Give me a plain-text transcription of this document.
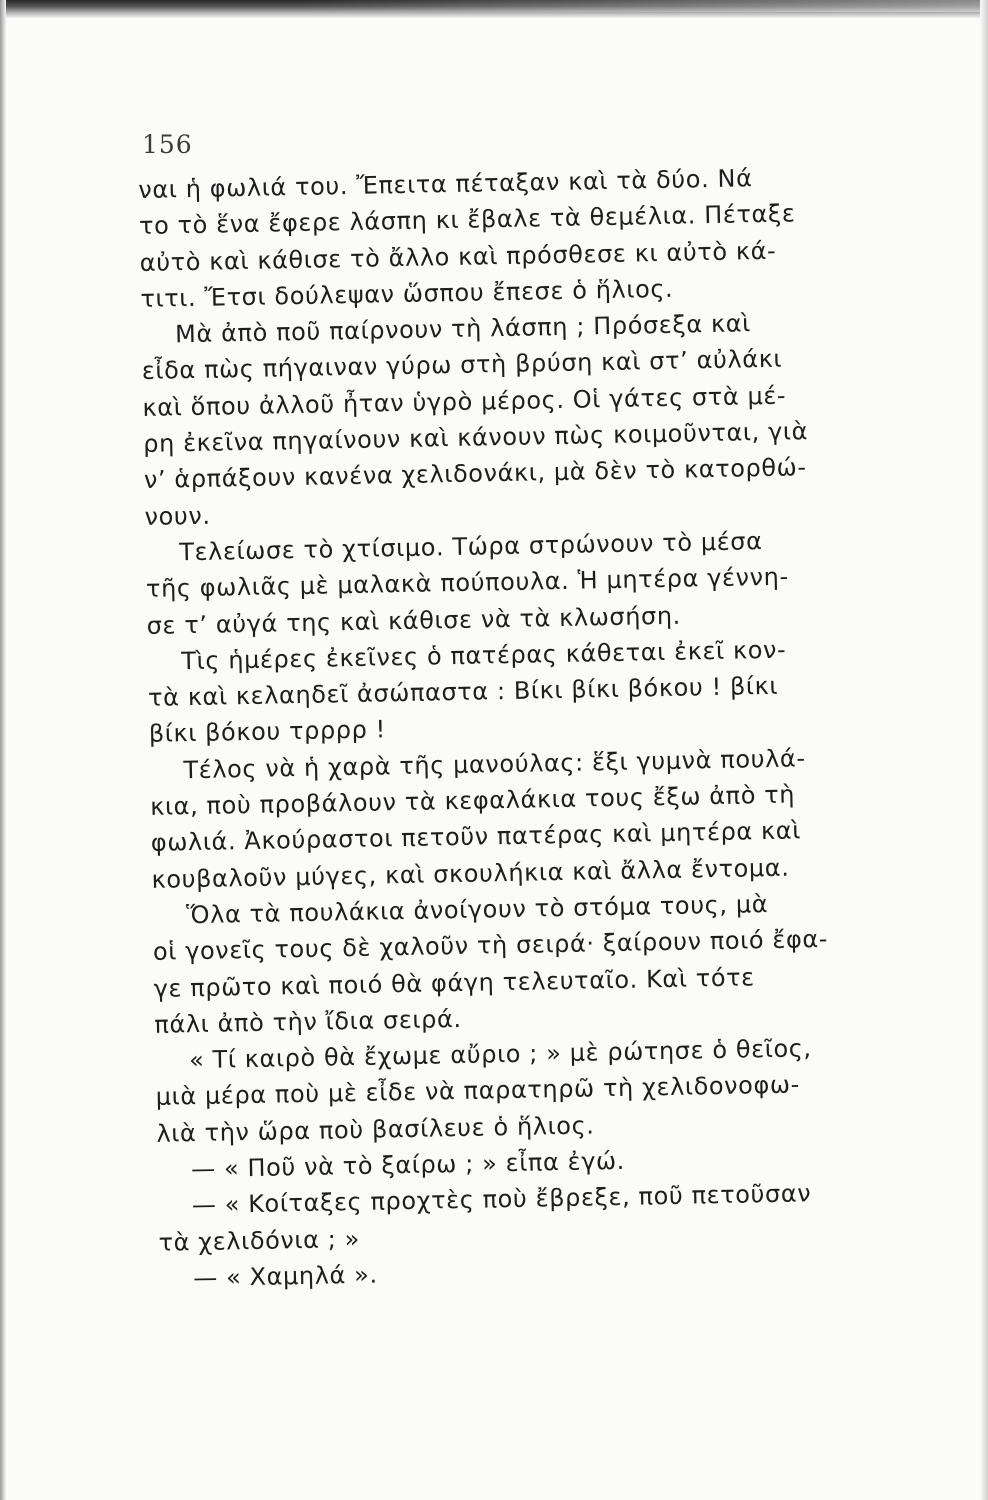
156
ναι ἡ φωλιά του. Ἔπειτα πέταξαν καὶ τὰ δύο. Νά
το τὸ ἕνα ἔφερε λάσπη κι ἔβαλε τὰ θεμέλια. Πέταξε
αὐτὸ καὶ κάθισε τὸ ἄλλο καὶ πρόσθεσε κι αὐτὸ κά-
τιτι. Ἔτσι δούλεψαν ὥσπου ἔπεσε ὁ ἥλιος.
Μὰ ἀπὸ ποῦ παίρνουν τὴ λάσπη ; Πρόσεξα καὶ
εἶδα πὼς πήγαιναν γύρω στὴ βρύση καὶ στ’ αὐλάκι
καὶ ὅπου ἀλλοῦ ἦταν ὑγρὸ μέρος. Οἱ γάτες στὰ μέ-
ρη ἐκεῖνα πηγαίνουν καὶ κάνουν πὼς κοιμοῦνται, γιὰ
ν’ ἁρπάξουν κανένα χελιδονάκι, μὰ δὲν τὸ κατορθώ-
νουν.
Τελείωσε τὸ χτίσιμο. Τώρα στρώνουν τὸ μέσα
τῆς φωλιᾶς μὲ μαλακὰ πούπουλα. Ἡ μητέρα γέννη-
σε τ’ αὐγά της καὶ κάθισε νὰ τὰ κλωσήση.
Τὶς ἡμέρες ἐκεῖνες ὁ πατέρας κάθεται ἐκεῖ κον-
τὰ καὶ κελαηδεῖ ἀσώπαστα : Βίκι βίκι βόκου ! βίκι
βίκι βόκου τρρρρ !
Τέλος νὰ ἡ χαρὰ τῆς μανούλας: ἕξι γυμνὰ πουλά-
κια, ποὺ προβάλουν τὰ κεφαλάκια τους ἔξω ἀπὸ τὴ
φωλιά. Ἀκούραστοι πετοῦν πατέρας καὶ μητέρα καὶ
κουβαλοῦν μύγες, καὶ σκουλήκια καὶ ἄλλα ἔντομα.
Ὅλα τὰ πουλάκια ἀνοίγουν τὸ στόμα τους, μὰ
οἱ γονεῖς τους δὲ χαλοῦν τὴ σειρά· ξαίρουν ποιό ἔφα-
γε πρῶτο καὶ ποιό θὰ φάγη τελευταῖο. Καὶ τότε
πάλι ἀπὸ τὴν ἴδια σειρά.
« Τί καιρὸ θὰ ἔχωμε αὔριο ; » μὲ ρώτησε ὁ θεῖος,
μιὰ μέρα ποὺ μὲ εἶδε νὰ παρατηρῶ τὴ χελιδονοφω-
λιὰ τὴν ὥρα ποὺ βασίλευε ὁ ἥλιος.
— « Ποῦ νὰ τὸ ξαίρω ; » εἶπα ἐγώ.
— « Κοίταξες προχτὲς ποὺ ἔβρεξε, ποῦ πετοῦσαν
τὰ χελιδόνια ; »
— « Χαμηλά ».
